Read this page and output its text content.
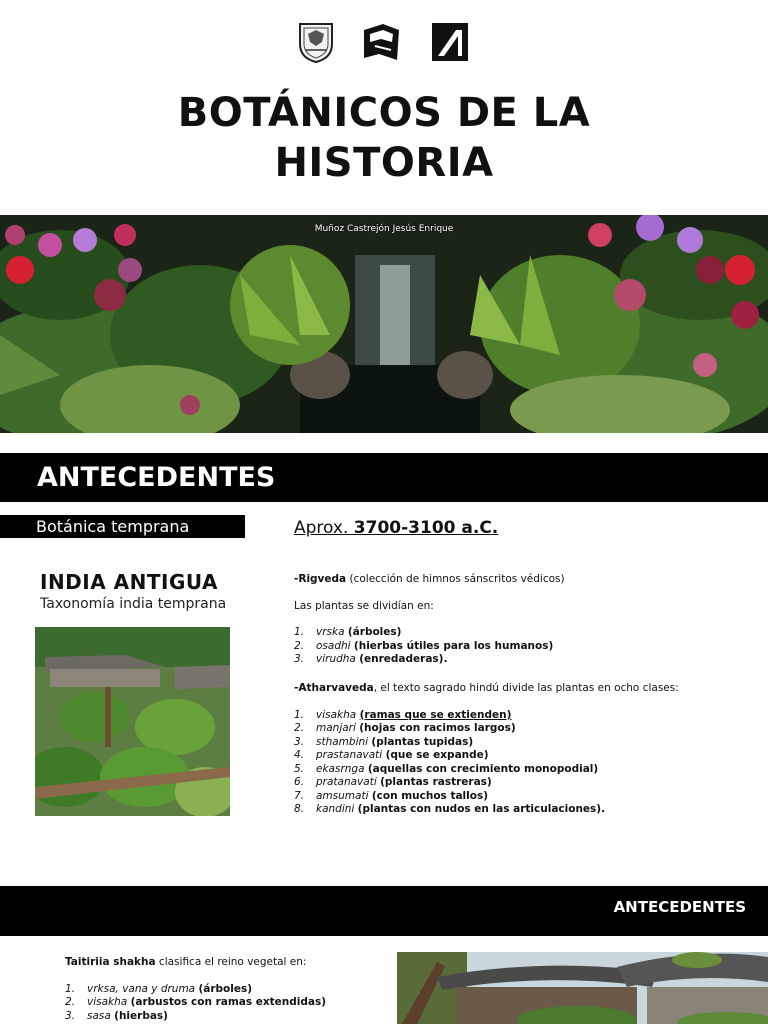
BOTÁNICOS DE LA
HISTORIA
Muñoz Castrejón Jesús Enrique
ANTECEDENTES
Botánica temprana	Aprox. 3700-3100 a.C.
INDIA ANTIGUA
Taxonomía india temprana
-Rigveda (colección de himnos sánscritos védicos)
Las plantas se dividían en:
1. vrska (árboles)
2. osadhi (hierbas útiles para los humanos)
3. virudha (enredaderas).
-Atharvaveda, el texto sagrado hindú divide las plantas en ocho clases:
1. visakha (ramas que se extienden)
2. manjari (hojas con racimos largos)
3. sthambini (plantas tupidas)
4. prastanavati (que se expande)
5. ekasrnga (aquellas con crecimiento monopodial)
6. pratanavati (plantas rastreras)
7. amsumati (con muchos tallos)
8. kandini (plantas con nudos en las articulaciones).
ANTECEDENTES
Taitiriia shakha clasifica el reino vegetal en:
1. vrksa, vana y druma (árboles)
2. visakha (arbustos con ramas extendidas)
3. sasa (hierbas)
